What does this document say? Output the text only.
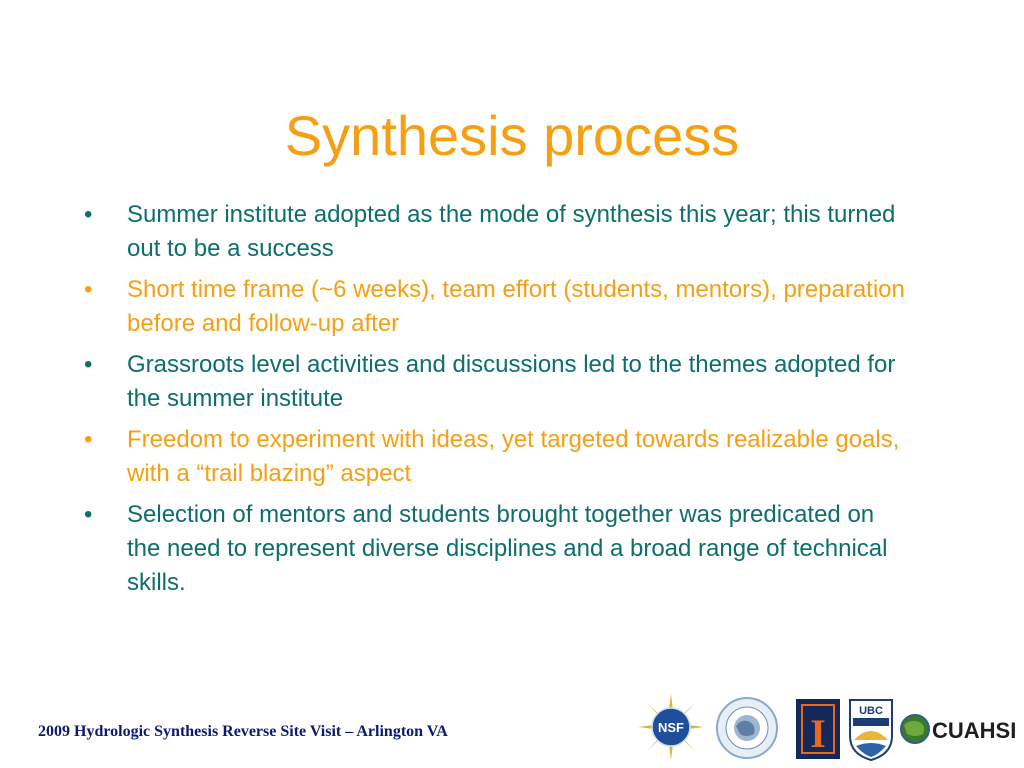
Synthesis process
•	Summer institute adopted as the mode of synthesis this year; this turned out to be a success
•	Short time frame (~6 weeks), team effort (students, mentors), preparation before and follow-up after
•	Grassroots level activities and discussions led to the themes adopted for the summer institute
•	Freedom to experiment with ideas, yet targeted towards realizable goals, with a “trail blazing” aspect
•	Selection of mentors and students brought together was predicated on the need to represent diverse disciplines and a broad range of technical skills.
2009 Hydrologic Synthesis Reverse Site Visit – Arlington VA	NSF	I	UBC
CUAHSI
